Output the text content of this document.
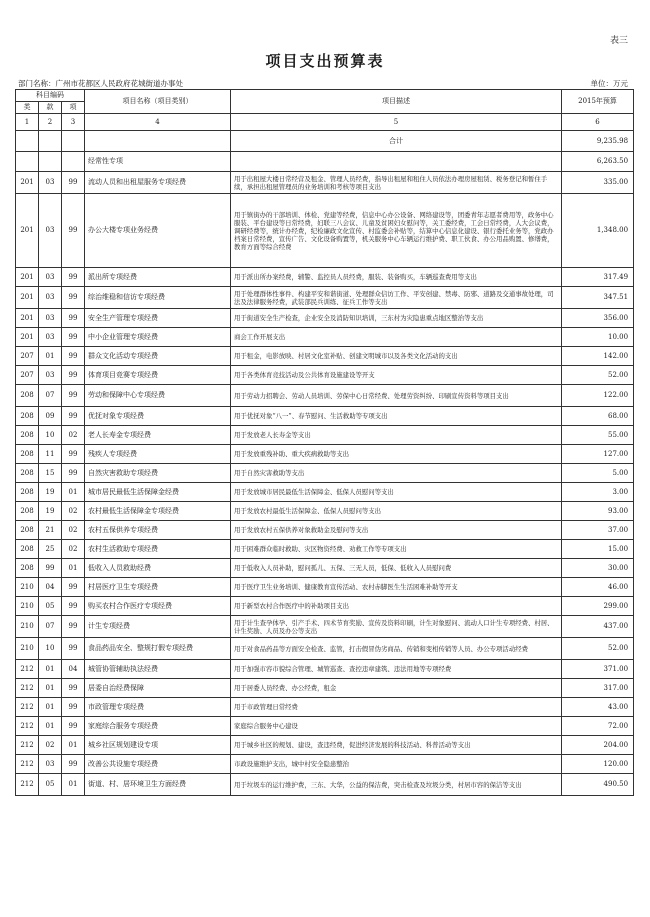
表三
项目支出预算表
部门名称：广州市花都区人民政府花城街道办事处	单位：万元
科目编码			项目名称（项目类别）	项目描述	2015年预算
类	款	项			
1	2	3	4	5	6
				合计	9,235.98
			经常性专项		6,263.50
201	03	99	流动人员和出租屋服务专项经费	用于出租屋大楼日常经营及租金、管理人员经费，指导出租屋和租住人员依法办理房屋租赁、税务登记和暂住手续，承担出租屋管理员的业务培训和考核等项目支出	335.00
201	03	99	办公大楼专项业务经费	用于镇街办的干部培训、体检、党建等经费，信息中心办公设备、网络建设等，团委青年志愿者费用等，政务中心服装、平台建设等日常经费，妇联三八会议、儿童及贫困妇女慰问等，关工委经费，工会日常经费，人大会议费，调研经费等，统计办经费，纪检廉政文化宣传、村监委会补贴等，结算中心信息化建设、银行委托业务等，党政办档案日常经费，宣传广告、文化设备购置等，机关服务中心车辆运行维护费、职工伙食、办公用品购置、修缮费，教育方面等综合经费	1,348.00
201	03	99	派出所专项经费	用于派出所办案经费，辅警、监控员人员经费，服装、装备购买，车辆巡查费用等支出	317.49
201	03	99	综治维稳和信访专项经费	用于处理群体性事件、构建平安和谐街道、处理群众信访工作、平安创建、禁毒、防邪、道路及交通事故处理，司法及法律服务经费，武装部民兵训练、征兵工作等支出	347.51
201	03	99	安全生产管理专项经费	用于街道安全生产检查，企业安全及消防知识培训，三东村为灾隐患重点地区整治等支出	356.00
201	03	99	中小企业管理专项经费	商会工作开展支出	10.00
207	01	99	群众文化活动专项经费	用于租金，电影放映、村居文化室补贴、创建文明城市以及各类文化活动的支出	142.00
207	03	99	体育项目竞赛专项经费	用于各类体育竞技活动及公共体育设施建设等开支	52.00
208	07	99	劳动和保障中心专项经费	用于劳动力招聘会、劳动人员培训、劳保中心日常经费、处理劳资纠纷、印刷宣传资料等项目支出	122.00
208	09	99	优抚对象专项经费	用于优抚对象“八一”、春节慰问、生活救助等专项支出	68.00
208	10	02	老人长寿金专项经费	用于发放老人长寿金等支出	55.00
208	11	99	残疾人专项经费	用于发放重残补助、重大疾病救助等支出	127.00
208	15	99	自然灾害救助专项经费	用于自然灾害救助等支出	5.00
208	19	01	城市居民最低生活保障金经费	用于发放城市居民最低生活保障金、低保人员慰问等支出	3.00
208	19	02	农村最低生活保障金专项经费	用于发放农村最低生活保障金、低保人员慰问等支出	93.00
208	21	02	农村五保供养专项经费	用于发放农村五保供养对象救助金及慰问等支出	37.00
208	25	02	农村生活救助专项经费	用于困难群众临时救助、灾区物资经费、劝救工作等专项支出	15.00
208	99	01	低收入人员救助经费	用于低收入人员补助，慰问孤儿、五保、三无人员，低保、低收入人员慰问费	30.00
210	04	99	村居医疗卫生专项经费	用于医疗卫生业务培训、健康教育宣传活动、农村赤脚医生生活困难补助等开支	46.00
210	05	99	购买农村合作医疗专项经费	用于新型农村合作医疗中的补助项目支出	299.00
210	07	99	计生专项经费	用于计生查孕体孕、引产手术、四术节育奖励、宣传及资料印刷，计生对象慰问、流动人口计生专项经费、村居、计生奖励、人员及办公等支出	437.00
210	10	99	食品药品安全、整规打假专项经费	用于对食品药品等方面安全检查、监管，打击假冒伪劣商品、传销和变相传销等人员、办公专项活动经费	52.00
212	01	04	城管协管辅助执法经费	用于加强市容市貌综合管理、城管巡查、查控违章建筑、违法用地等专项经费	371.00
212	01	99	居委自治经费保障	用于居委人员经费、办公经费，租金	317.00
212	01	99	市政管理专项经费	用于市政管理日常经费	43.00
212	01	99	家庭综合服务专项经费	家庭综合服务中心建设	72.00
212	02	01	城乡社区规划建设专项	用于城乡社区的规划、建设，查违经费，促进经济发展的科技活动、科普活动等支出	204.00
212	03	99	改善公共设施专项经费	市政设施维护支出，城中村安全隐患整治	120.00
212	05	01	街道、村、居环境卫生方面经费	用于垃圾车的运行维护费，三东、大华，公益的保洁费，突击检查及垃圾分类，村居市容的保洁等支出	490.50
